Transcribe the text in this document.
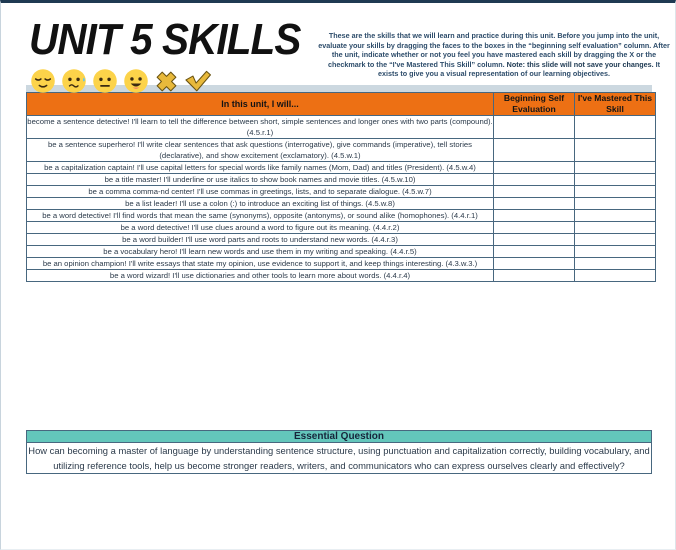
UNIT 5 SKILLS	These are the skills that we will learn and practice during this unit. Before you jump into the unit, evaluate your skills by dragging the faces to the boxes in the “beginning self evaluation” column. After the unit, indicate whether or not you feel you have mastered each skill by dragging the X or the checkmark to the “I've Mastered This Skill” column. Note: this slide will not save your changes. It exists to give you a visual representation of our learning objectives.
In this unit, I will...	Beginning Self Evaluation	I've Mastered This Skill
become a sentence detective! I'll learn to tell the difference between short, simple sentences and longer ones with two parts (compound). (4.5.r.1)		
be a sentence superhero! I'll write clear sentences that ask questions (interrogative), give commands (imperative), tell stories (declarative), and show excitement (exclamatory). (4.5.w.1)		
be a capitalization captain! I'll use capital letters for special words like family names (Mom, Dad) and titles (President). (4.5.w.4)		
be a title master! I'll underline or use italics to show book names and movie titles. (4.5.w.10)		
be a comma comma-nd center! I'll use commas in greetings, lists, and to separate dialogue. (4.5.w.7)		
be a list leader! I'll use a colon (:) to introduce an exciting list of things. (4.5.w.8)		
be a word detective! I'll find words that mean the same (synonyms), opposite (antonyms), or sound alike (homophones). (4.4.r.1)		
be a word detective! I'll use clues around a word to figure out its meaning. (4.4.r.2)		
be a word builder! I'll use word parts and roots to understand new words. (4.4.r.3)		
be a vocabulary hero! I'll learn new words and use them in my writing and speaking. (4.4.r.5)		
be an opinion champion! I'll write essays that state my opinion, use evidence to support it, and keep things interesting. (4.3.w.3.)		
be a word wizard! I'll use dictionaries and other tools to learn more about words. (4.4.r.4)		
Essential Question
How can becoming a master of language by understanding sentence structure, using punctuation and capitalization correctly, building vocabulary, and utilizing reference tools, help us become stronger readers, writers, and communicators who can express ourselves clearly and effectively?
